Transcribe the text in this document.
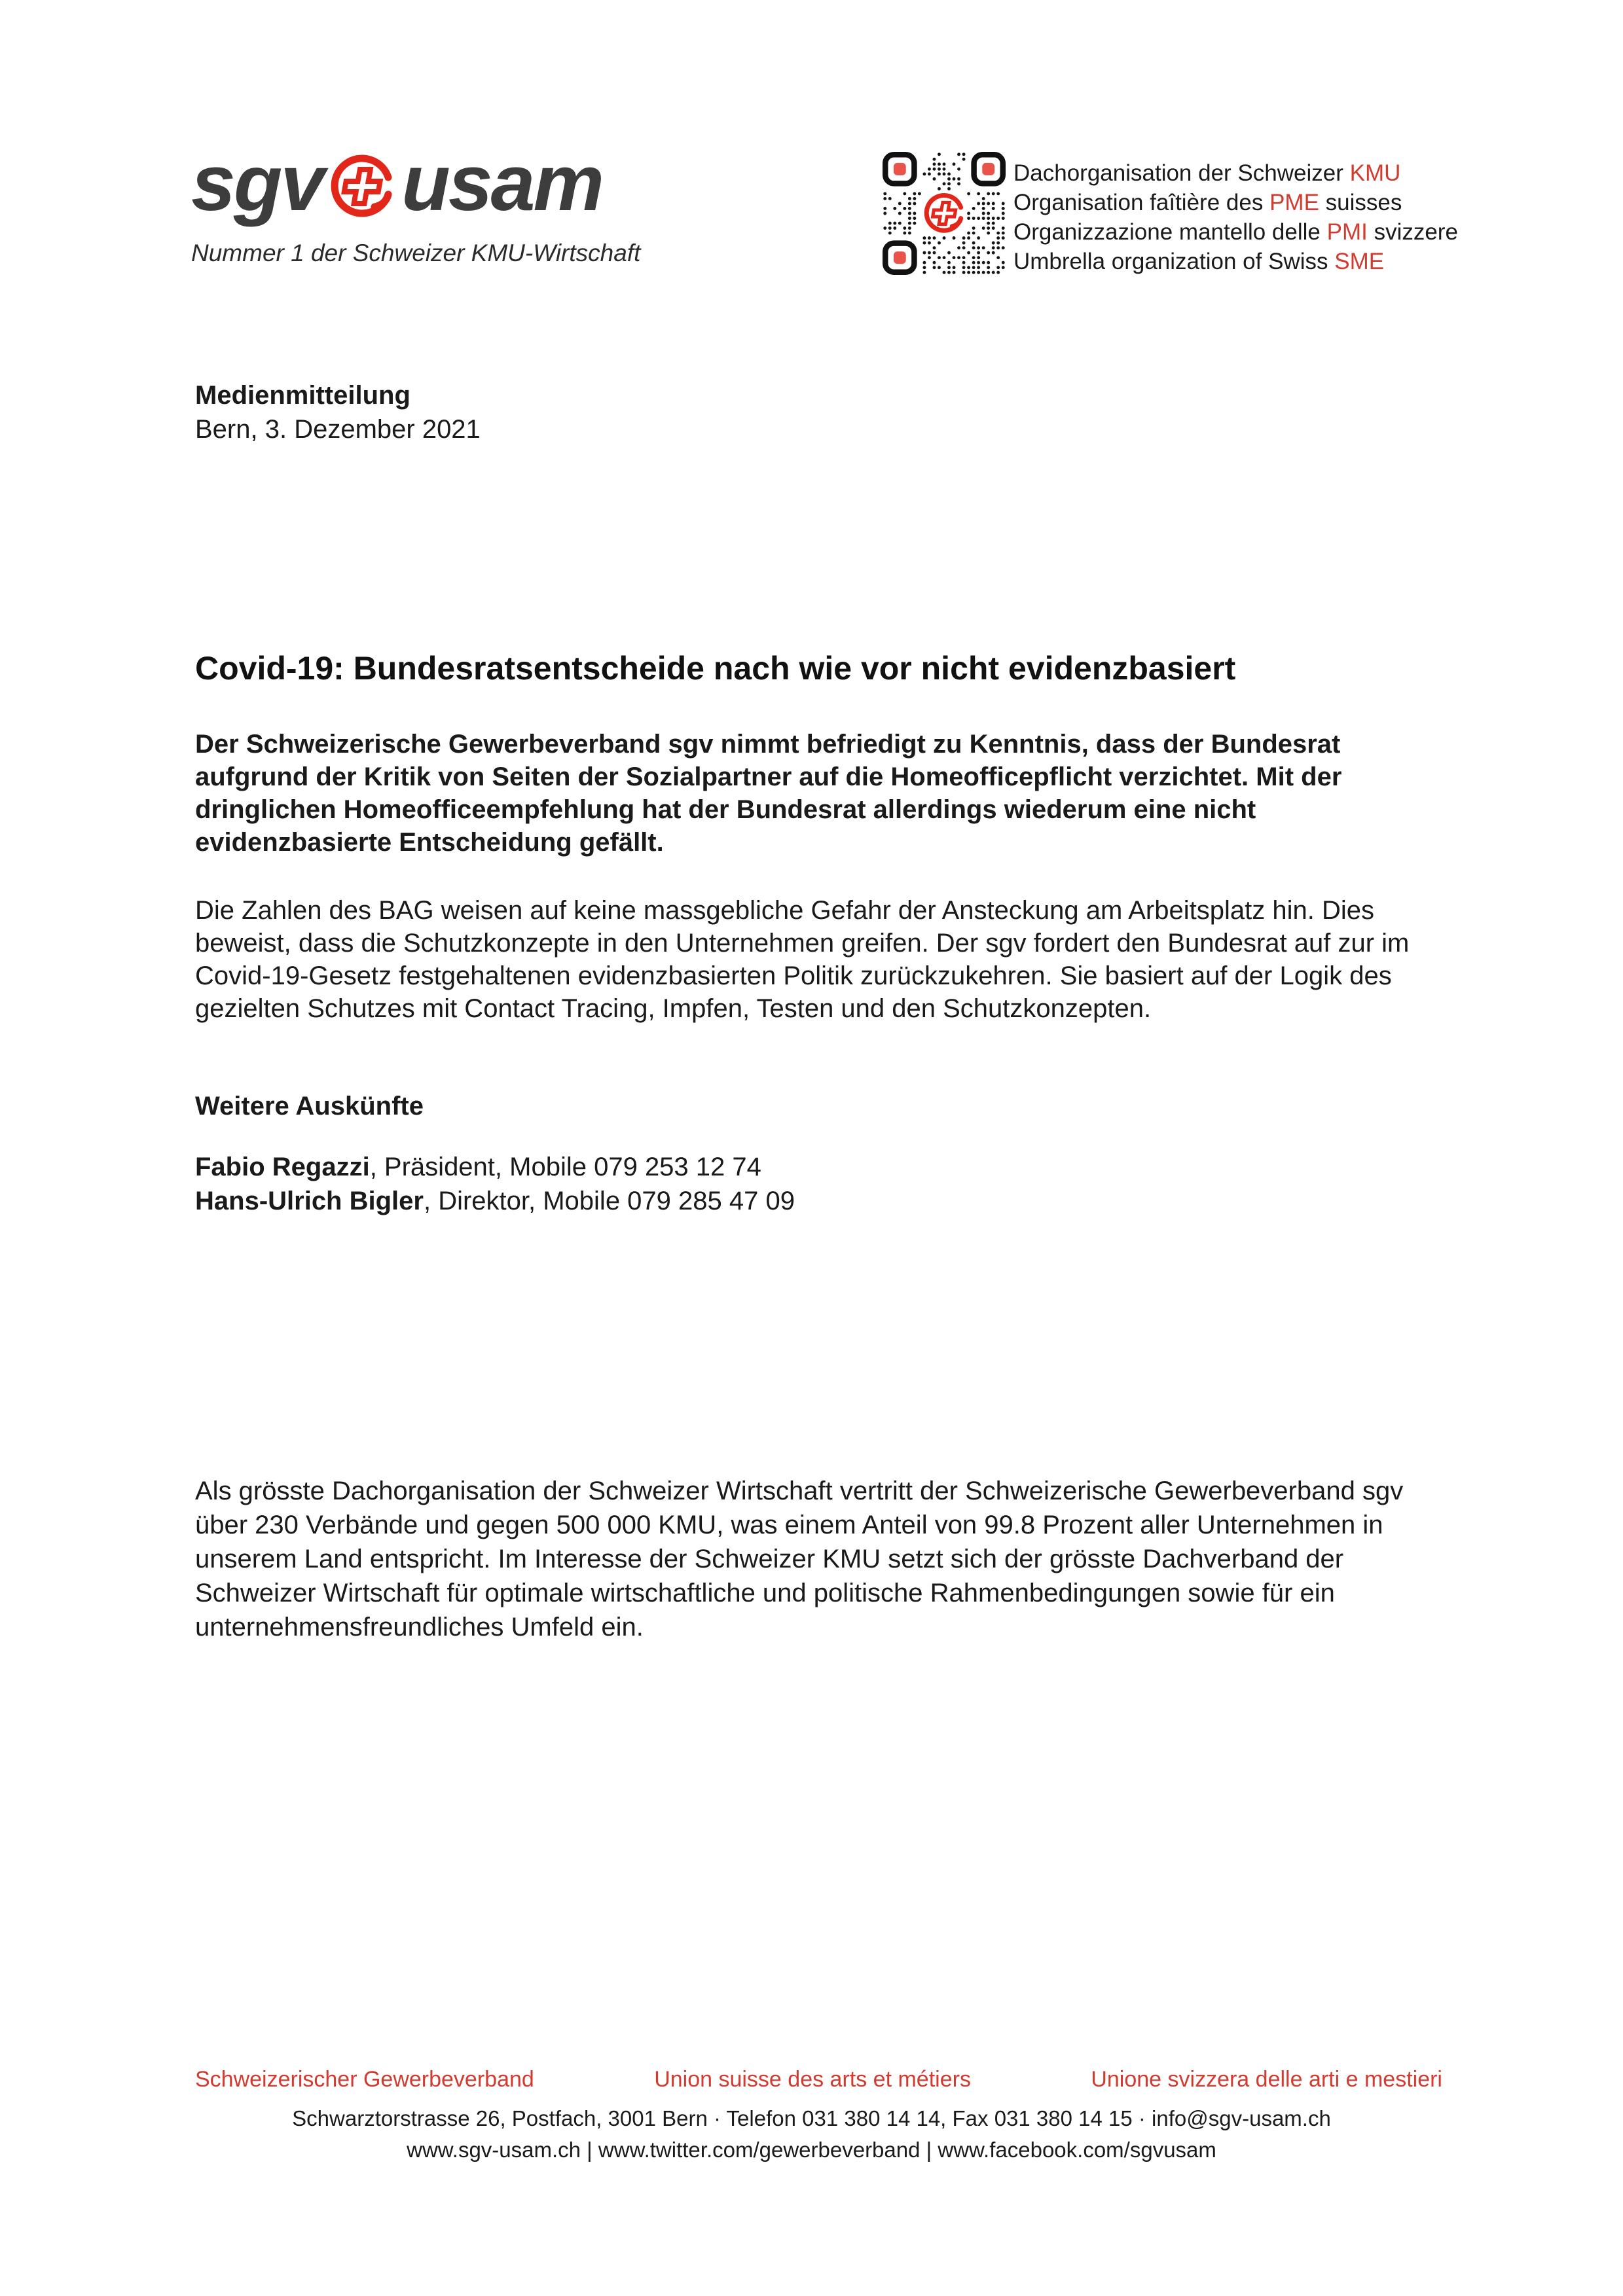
sgv usam
Nummer 1 der Schweizer KMU-Wirtschaft
Dachorganisation der Schweizer KMU
Organisation faîtière des PME suisses
Organizzazione mantello delle PMI svizzere
Umbrella organization of Swiss SME
Medienmitteilung
Bern, 3. Dezember 2021
Covid-19: Bundesratsentscheide nach wie vor nicht evidenzbasiert

Der Schweizerische Gewerbeverband sgv nimmt befriedigt zu Kenntnis, dass der Bundesrat aufgrund der Kritik von Seiten der Sozialpartner auf die Homeofficepflicht verzichtet. Mit der dringlichen Homeofficeempfehlung hat der Bundesrat allerdings wiederum eine nicht evidenzbasierte Entscheidung gefällt.

Die Zahlen des BAG weisen auf keine massgebliche Gefahr der Ansteckung am Arbeitsplatz hin. Dies beweist, dass die Schutzkonzepte in den Unternehmen greifen. Der sgv fordert den Bundesrat auf zur im Covid-19-Gesetz festgehaltenen evidenzbasierten Politik zurückzukehren. Sie basiert auf der Logik des gezielten Schutzes mit Contact Tracing, Impfen, Testen und den Schutzkonzepten.

Weitere Auskünfte
Fabio Regazzi, Präsident, Mobile 079 253 12 74
Hans-Ulrich Bigler, Direktor, Mobile 079 285 47 09

Als grösste Dachorganisation der Schweizer Wirtschaft vertritt der Schweizerische Gewerbeverband sgv über 230 Verbände und gegen 500 000 KMU, was einem Anteil von 99.8 Prozent aller Unternehmen in unserem Land entspricht. Im Interesse der Schweizer KMU setzt sich der grösste Dachverband der Schweizer Wirtschaft für optimale wirtschaftliche und politische Rahmenbedingungen sowie für ein unternehmensfreundliches Umfeld ein.

Schweizerischer Gewerbeverband	Union suisse des arts et métiers	Unione svizzera delle arti e mestieri
Schwarztorstrasse 26, Postfach, 3001 Bern · Telefon 031 380 14 14, Fax 031 380 14 15 · info@sgv-usam.ch
www.sgv-usam.ch | www.twitter.com/gewerbeverband | www.facebook.com/sgvusam
